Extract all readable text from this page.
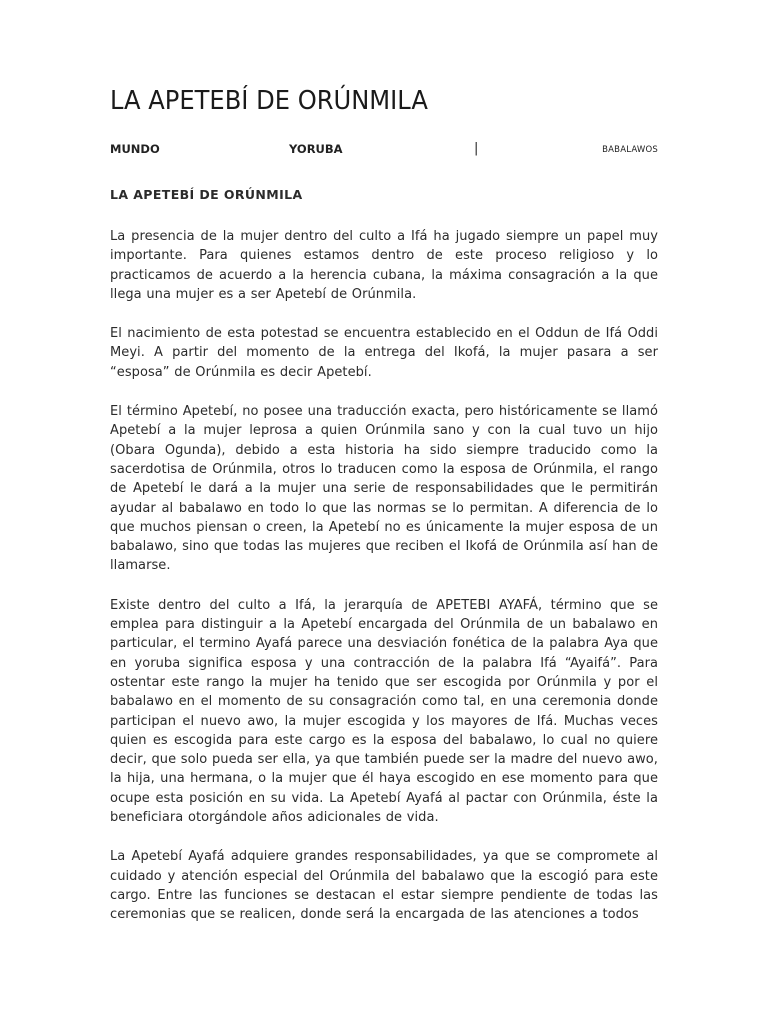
LA APETEBÍ DE ORÚNMILA
MUNDO	YORUBA	|	BABALAWOS
LA APETEBÍ DE ORÚNMILA

La presencia de la mujer dentro del culto a Ifá ha jugado siempre un papel muy importante. Para quienes estamos dentro de este proceso religioso y lo practicamos de acuerdo a la herencia cubana, la máxima consagración a la que llega una mujer es a ser Apetebí de Orúnmila.

El nacimiento de esta potestad se encuentra establecido en el Oddun de Ifá Oddi Meyi. A partir del momento de la entrega del Ikofá, la mujer pasara a ser “esposa” de Orúnmila es decir Apetebí.

El término Apetebí, no posee una traducción exacta, pero históricamente se llamó Apetebí a la mujer leprosa a quien Orúnmila sano y con la cual tuvo un hijo (Obara Ogunda), debido a esta historia ha sido siempre traducido como la sacerdotisa de Orúnmila, otros lo traducen como la esposa de Orúnmila, el rango de Apetebí le dará a la mujer una serie de responsabilidades que le permitirán ayudar al babalawo en todo lo que las normas se lo permitan. A diferencia de lo que muchos piensan o creen, la Apetebí no es únicamente la mujer esposa de un babalawo, sino que todas las mujeres que reciben el Ikofá de Orúnmila así han de llamarse.

Existe dentro del culto a Ifá, la jerarquía de APETEBI AYAFÁ, término que se emplea para distinguir a la Apetebí encargada del Orúnmila de un babalawo en particular, el termino Ayafá parece una desviación fonética de la palabra Aya que en yoruba significa esposa y una contracción de la palabra Ifá “Ayaifá”. Para ostentar este rango la mujer ha tenido que ser escogida por Orúnmila y por el babalawo en el momento de su consagración como tal, en una ceremonia donde participan el nuevo awo, la mujer escogida y los mayores de Ifá. Muchas veces quien es escogida para este cargo es la esposa del babalawo, lo cual no quiere decir, que solo pueda ser ella, ya que también puede ser la madre del nuevo awo, la hija, una hermana, o la mujer que él haya escogido en ese momento para que ocupe esta posición en su vida. La Apetebí Ayafá al pactar con Orúnmila, éste la beneficiara otorgándole años adicionales de vida.

La Apetebí Ayafá adquiere grandes responsabilidades, ya que se compromete al cuidado y atención especial del Orúnmila del babalawo que la escogió para este cargo. Entre las funciones se destacan el estar siempre pendiente de todas las ceremonias que se realicen, donde será la encargada de las atenciones a todos
